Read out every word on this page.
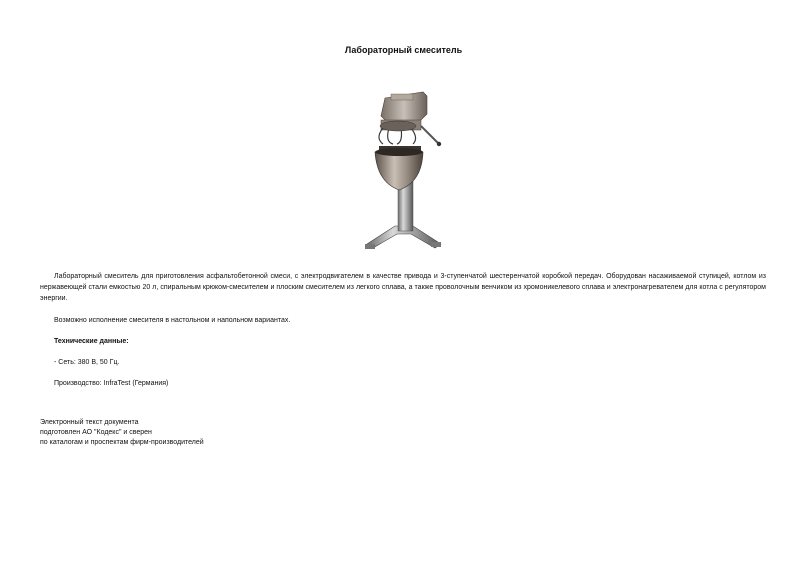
Лабораторный смеситель
Лабораторный смеситель для приготовления асфальтобетонной смеси, с электродвигателем в качестве привода и 3-ступенчатой шестеренчатой коробкой передач. Оборудован насаживаемой ступицей, котлом из нержавеющей стали емкостью 20 л, спиральным крюком-смесителем и плоским смесителем из легкого сплава, а также проволочным венчиком из хромоникелевого сплава и электронагревателем для котла с регулятором энергии.
Возможно исполнение смесителя в настольном и напольном вариантах.
Технические данные:
- Сеть: 380 В, 50 Гц.
Производство: InfraTest (Германия)
Электронный текст документа
подготовлен АО "Кодекс" и сверен
по каталогам и проспектам фирм-производителей
